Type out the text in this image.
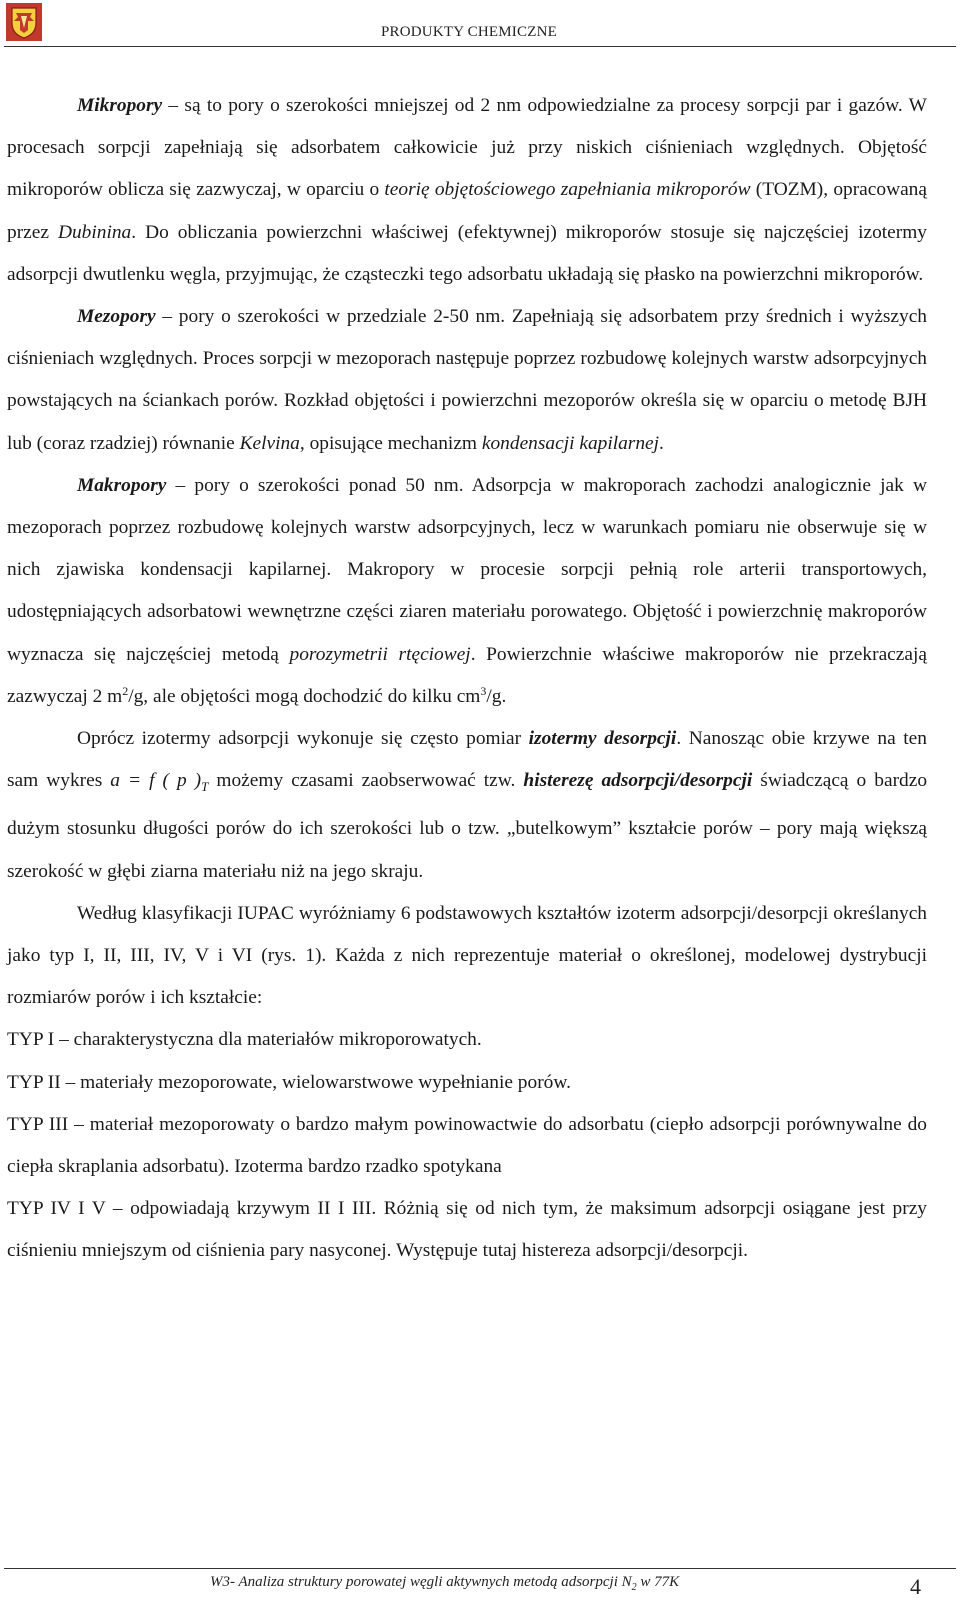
PRODUKTY CHEMICZNE

Mikropory – są to pory o szerokości mniejszej od 2 nm odpowiedzialne za procesy sorpcji par i gazów. W procesach sorpcji zapełniają się adsorbatem całkowicie już przy niskich ciśnieniach względnych. Objętość mikroporów oblicza się zazwyczaj, w oparciu o teorię objętościowego zapełniania mikroporów (TOZM), opracowaną przez Dubinina. Do obliczania powierzchni właściwej (efektywnej) mikroporów stosuje się najczęściej izotermy adsorpcji dwutlenku węgla, przyjmując, że cząsteczki tego adsorbatu układają się płasko na powierzchni mikroporów.

Mezopory – pory o szerokości w przedziale 2-50 nm. Zapełniają się adsorbatem przy średnich i wyższych ciśnieniach względnych. Proces sorpcji w mezoporach następuje poprzez rozbudowę kolejnych warstw adsorpcyjnych powstających na ściankach porów. Rozkład objętości i powierzchni mezoporów określa się w oparciu o metodę BJH lub (coraz rzadziej) równanie Kelvina, opisujące mechanizm kondensacji kapilarnej.

Makropory – pory o szerokości ponad 50 nm. Adsorpcja w makroporach zachodzi analogicznie jak w mezoporach poprzez rozbudowę kolejnych warstw adsorpcyjnych, lecz w warunkach pomiaru nie obserwuje się w nich zjawiska kondensacji kapilarnej. Makropory w procesie sorpcji pełnią role arterii transportowych, udostępniających adsorbatowi wewnętrzne części ziaren materiału porowatego. Objętość i powierzchnię makroporów wyznacza się najczęściej metodą porozymetrii rtęciowej. Powierzchnie właściwe makroporów nie przekraczają zazwyczaj 2 $m^2/g$, ale objętości mogą dochodzić do kilku $cm^3/g$.

Oprócz izotermy adsorpcji wykonuje się często pomiar izotermy desorpcji. Nanosząc obie krzywe na ten sam wykres a = f ( p )$_T$ możemy czasami zaobserwować tzw. histerezę adsorpcji/desorpcji świadczącą o bardzo dużym stosunku długości porów do ich szerokości lub o tzw. „butelkowym” kształcie porów – pory mają większą szerokość w głębi ziarna materiału niż na jego skraju.

Według klasyfikacji IUPAC wyróżniamy 6 podstawowych kształtów izoterm adsorpcji/desorpcji określanych jako typ I, II, III, IV, V i VI (rys. 1). Każda z nich reprezentuje materiał o określonej, modelowej dystrybucji rozmiarów porów i ich kształcie:

TYP I – charakterystyczna dla materiałów mikroporowatych.

TYP II – materiały mezoporowate, wielowarstwowe wypełnianie porów.

TYP III – materiał mezoporowaty o bardzo małym powinowactwie do adsorbatu (ciepło adsorpcji porównywalne do ciepła skraplania adsorbatu). Izoterma bardzo rzadko spotykana

TYP IV I V – odpowiadają krzywym II I III. Różnią się od nich tym, że maksimum adsorpcji osiągane jest przy ciśnieniu mniejszym od ciśnienia pary nasyconej. Występuje tutaj histereza adsorpcji/desorpcji.

W3- Analiza struktury porowatej węgli aktywnych metodą adsorpcji $N_2$ w 77K	4
